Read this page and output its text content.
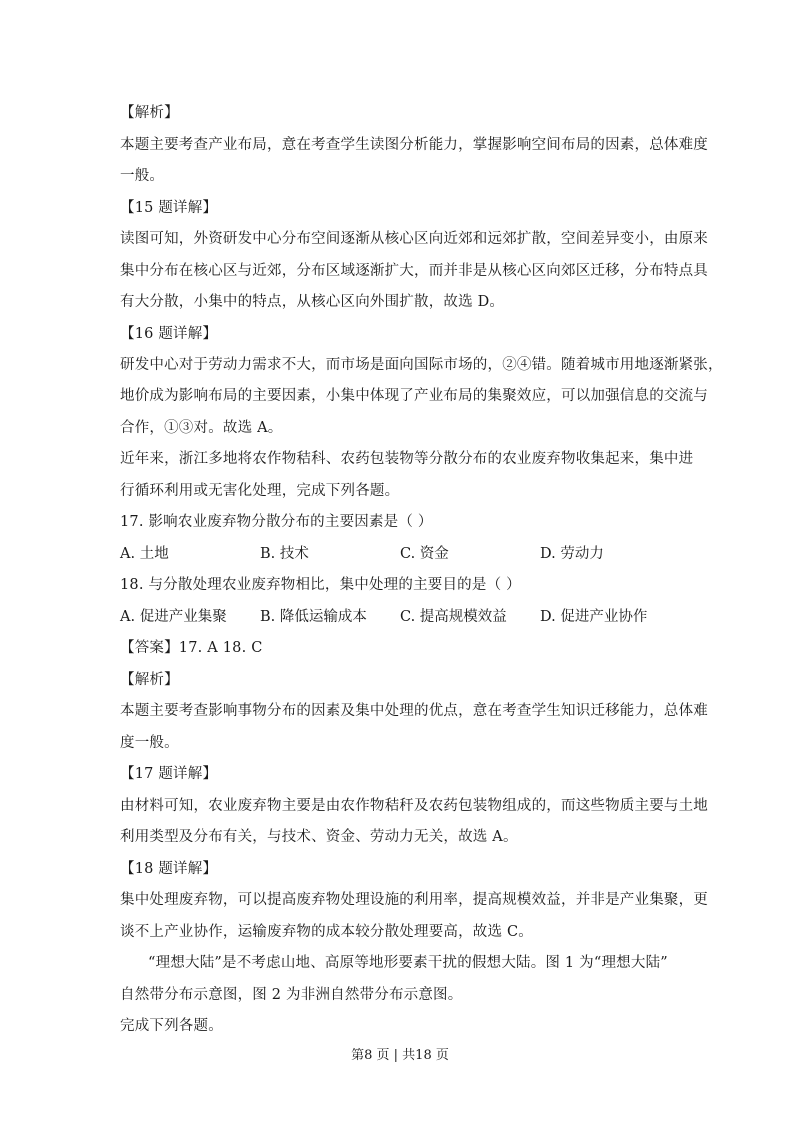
【解析】
本题主要考查产业布局，意在考查学生读图分析能力，掌握影响空间布局的因素，总体难度
一般。
【15 题详解】
读图可知，外资研发中心分布空间逐渐从核心区向近郊和远郊扩散，空间差异变小，由原来
集中分布在核心区与近郊，分布区域逐渐扩大，而并非是从核心区向郊区迁移，分布特点具
有大分散，小集中的特点，从核心区向外围扩散，故选 D。
【16 题详解】
研发中心对于劳动力需求不大，而市场是面向国际市场的，②④错。随着城市用地逐渐紧张，
地价成为影响布局的主要因素，小集中体现了产业布局的集聚效应，可以加强信息的交流与
合作，①③对。故选 A。
近年来，浙江多地将农作物秸科、农药包装物等分散分布的农业废弃物收集起来，集中进
行循环利用或无害化处理，完成下列各题。
17. 影响农业废弃物分散分布的主要因素是（ ）
A. 土地	B. 技术	C. 资金	D. 劳动力
18. 与分散处理农业废弃物相比，集中处理的主要目的是（ ）
A. 促进产业集聚 B. 降低运输成本 C. 提高规模效益 D. 促进产业协作
【答案】17. A 18. C
【解析】
本题主要考查影响事物分布的因素及集中处理的优点，意在考查学生知识迁移能力，总体难
度一般。
【17 题详解】
由材料可知，农业废弃物主要是由农作物秸秆及农药包装物组成的，而这些物质主要与土地
利用类型及分布有关，与技术、资金、劳动力无关，故选 A。
【18 题详解】
集中处理废弃物，可以提高废弃物处理设施的利用率，提高规模效益，并非是产业集聚，更
谈不上产业协作，运输废弃物的成本较分散处理要高，故选 C。
“理想大陆”是不考虑山地、高原等地形要素干扰的假想大陆。图 1 为“理想大陆”
自然带分布示意图，图 2 为非洲自然带分布示意图。
完成下列各题。
第8 页 | 共18 页
